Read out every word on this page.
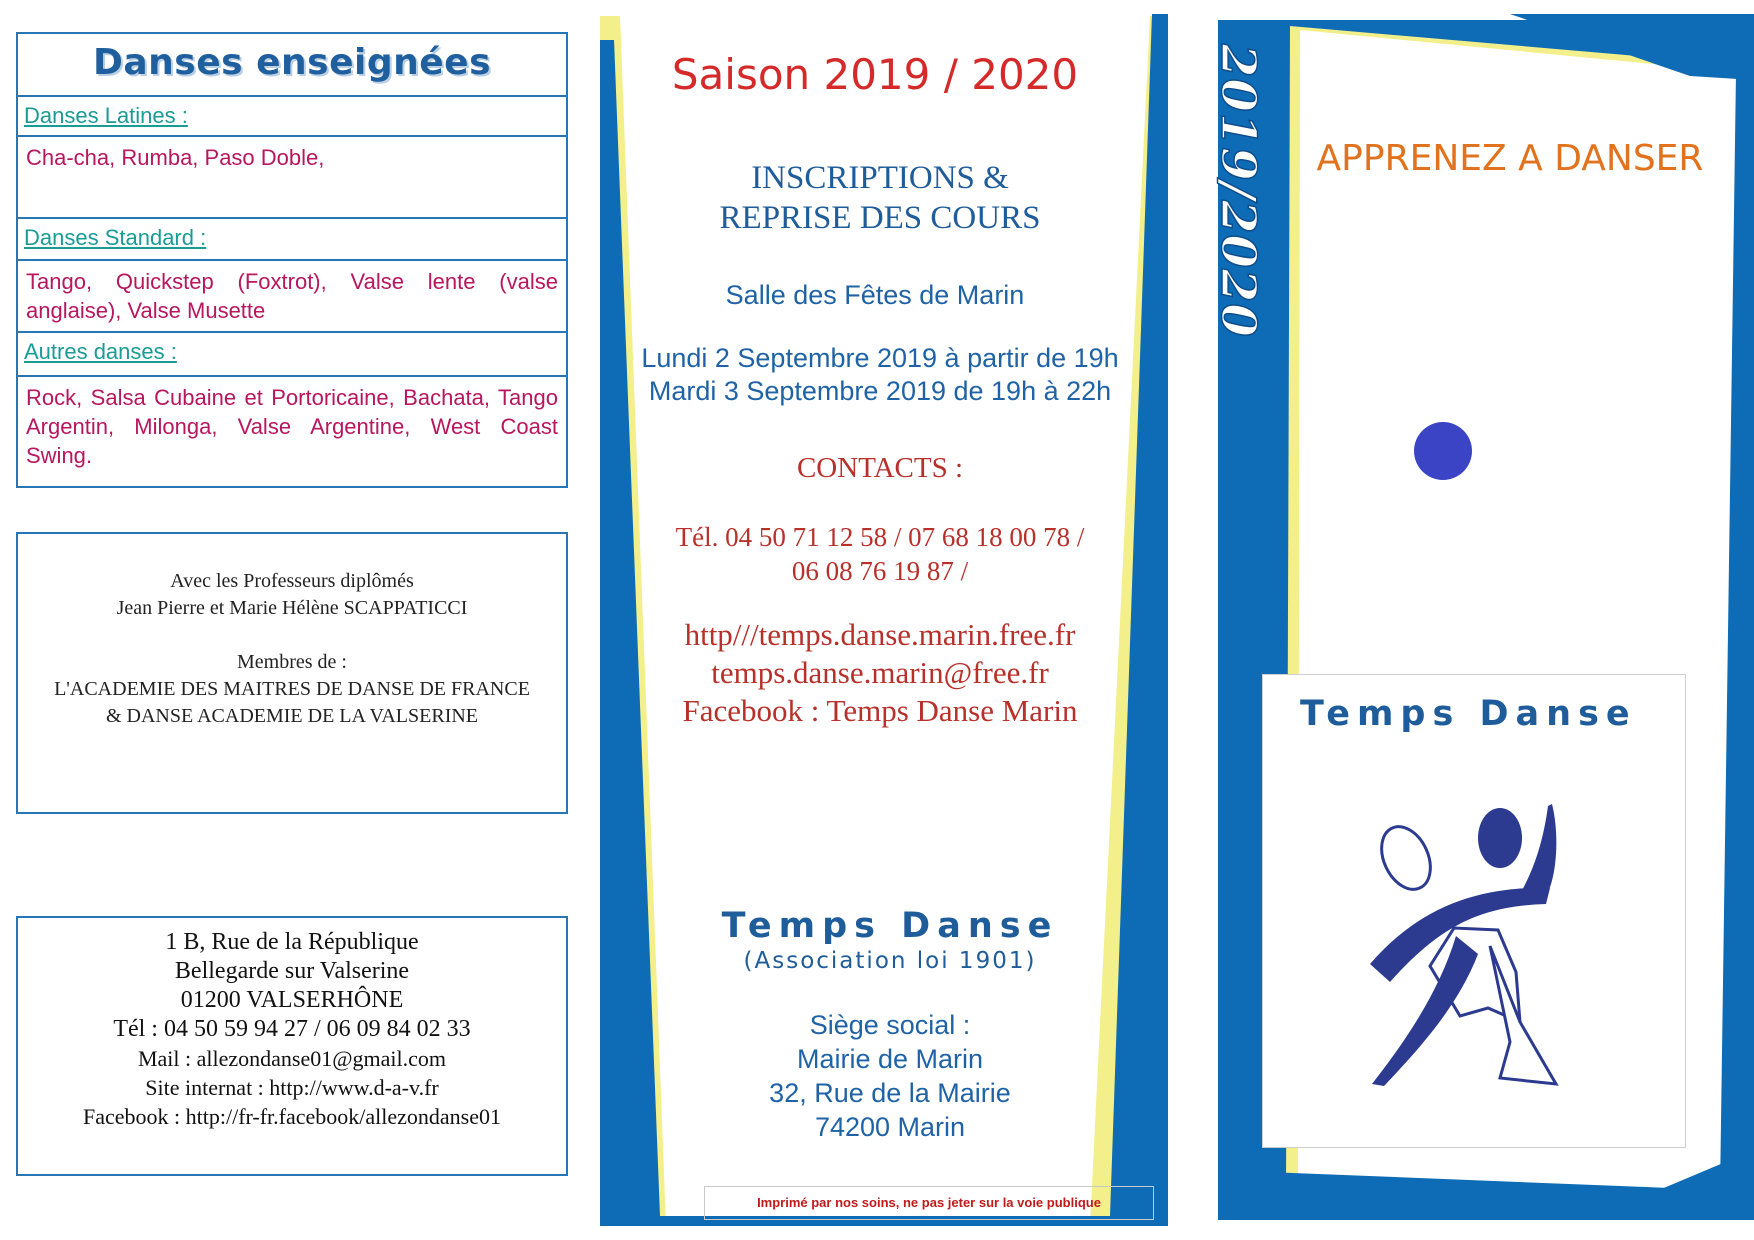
Danses enseignées
Danses Latines :
Cha-cha, Rumba, Paso Doble,
Danses Standard :
Tango, Quickstep (Foxtrot), Valse lente (valse anglaise), Valse Musette
Autres danses :
Rock, Salsa Cubaine et Portoricaine, Bachata, Tango Argentin, Milonga, Valse Argentine, West Coast Swing.
Avec les Professeurs diplômés
Jean Pierre et Marie Hélène SCAPPATICCI
Membres de :
L'ACADEMIE DES MAITRES DE DANSE DE FRANCE
& DANSE ACADEMIE DE LA VALSERINE
1 B, Rue de la République
Bellegarde sur Valserine
01200 VALSERHÔNE
Tél : 04 50 59 94 27 / 06 09 84 02 33
Mail : allezondanse01@gmail.com
Site internat : http://www.d-a-v.fr
Facebook : http://fr-fr.facebook/allezondanse01
Saison 2019 / 2020
INSCRIPTIONS &
REPRISE DES COURS
Salle des Fêtes de Marin
Lundi 2 Septembre 2019 à partir de 19h
Mardi 3 Septembre 2019 de 19h à 22h
CONTACTS :
Tél. 04 50 71 12 58 / 07 68 18 00 78 /
06 08 76 19 87 /
http///temps.danse.marin.free.fr
temps.danse.marin@free.fr
Facebook : Temps Danse Marin
Temps Danse
(Association loi 1901)
Siège social :
Mairie de Marin
32, Rue de la Mairie
74200 Marin
Imprimé par nos soins, ne pas jeter sur la voie publique
2019/2020	APPRENEZ A DANSER
Temps Danse
